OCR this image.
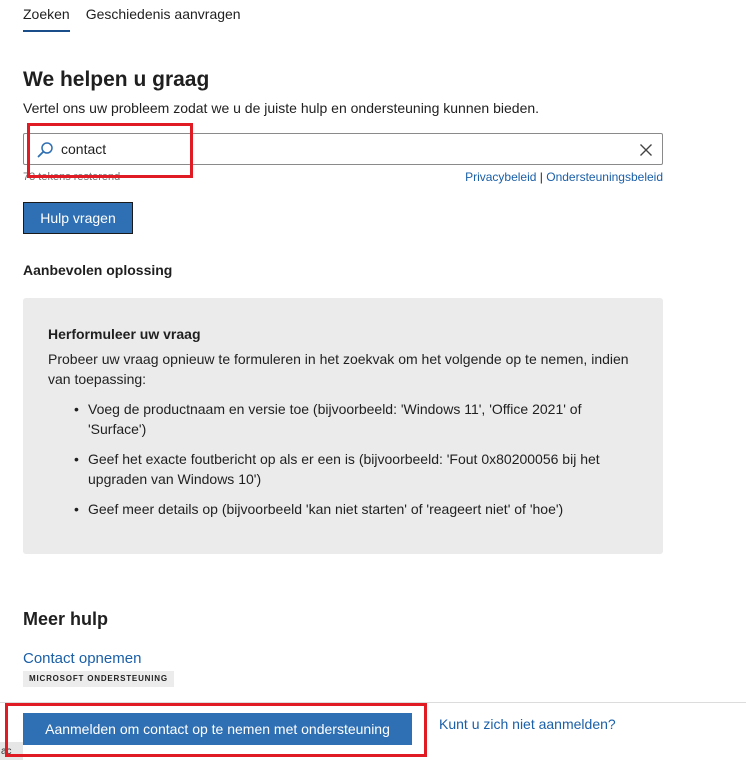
Zoeken Geschiedenis aanvragen
We helpen u graag

Vertel ons uw probleem zodat we u de juiste hulp en ondersteuning kunnen bieden.

contact
73 tekens resterend	Privacybeleid | Ondersteuningsbeleid
Hulp vragen
Aanbevolen oplossing
Herformuleer uw vraag

Probeer uw vraag opnieuw te formuleren in het zoekvak om het volgende op te nemen, indien van toepassing:

• Voeg de productnaam en versie toe (bijvoorbeeld: 'Windows 11', 'Office 2021' of 'Surface')
• Geef het exacte foutbericht op als er een is (bijvoorbeeld: 'Fout 0x80200056 bij het upgraden van Windows 10')
• Geef meer details op (bijvoorbeeld 'kan niet starten' of 'reageert niet' of 'hoe')
Meer hulp
Contact opnemen
MICROSOFT ONDERSTEUNING
Aanmelden om contact op te nemen met ondersteuning	Kunt u zich niet aanmelden?
ac
